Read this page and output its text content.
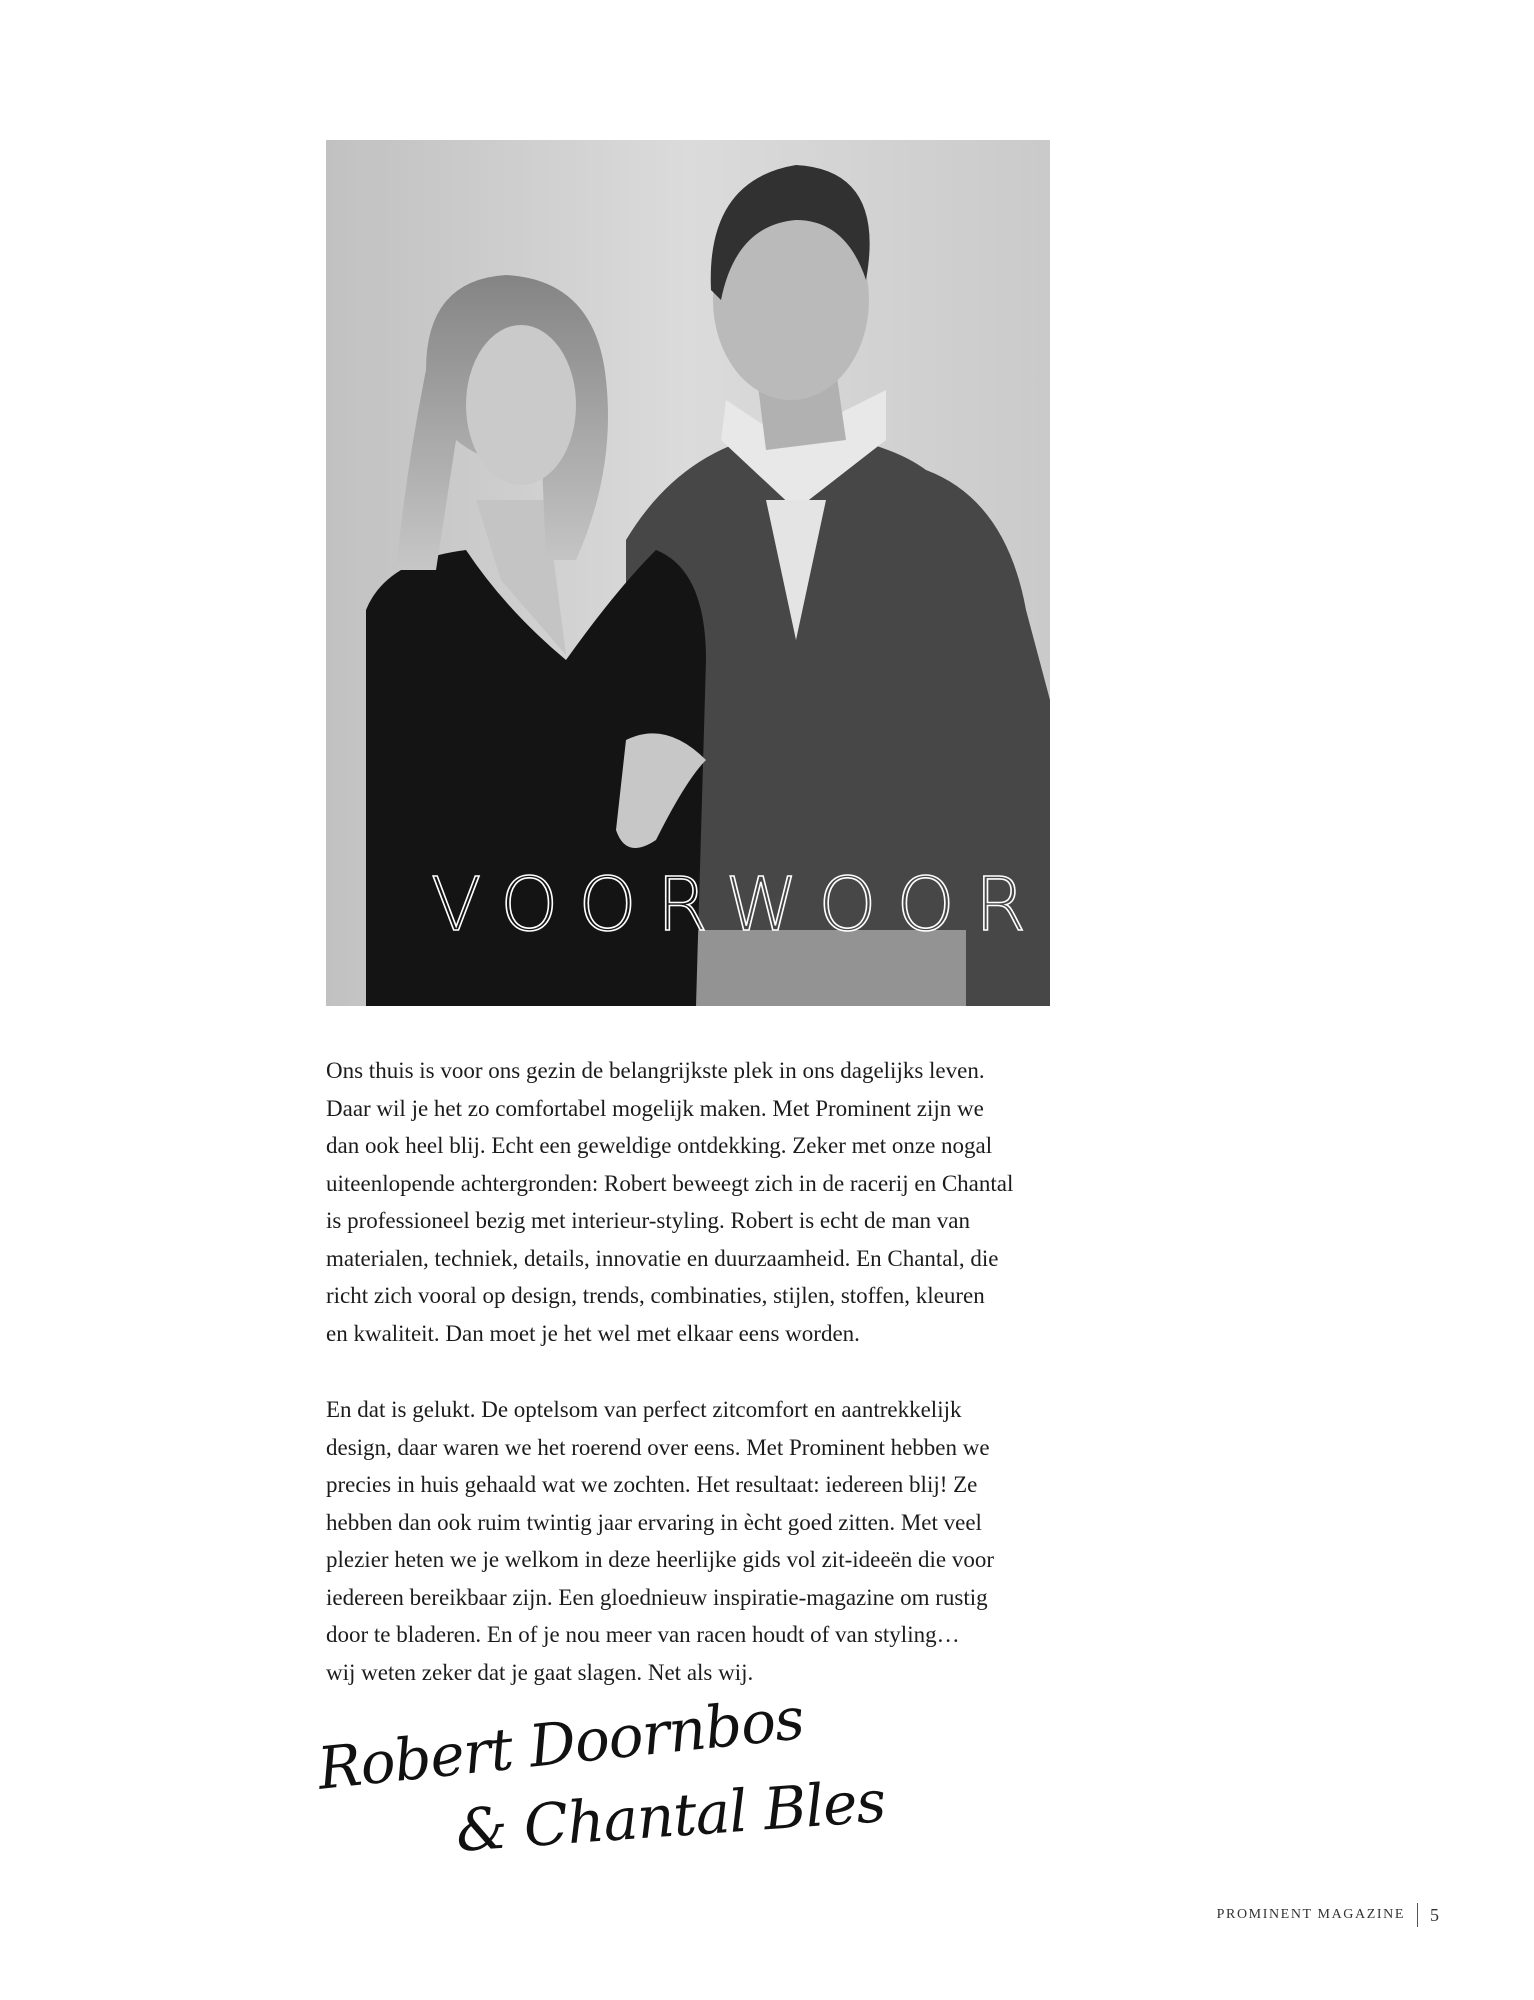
VOORWOORD
Ons thuis is voor ons gezin de belangrijkste plek in ons dagelijks leven.
Daar wil je het zo comfortabel mogelijk maken. Met Prominent zijn we
dan ook heel blij. Echt een geweldige ontdekking. Zeker met onze nogal
uiteenlopende achtergronden: Robert beweegt zich in de racerij en Chantal
is professioneel bezig met interieur-styling. Robert is echt de man van
materialen, techniek, details, innovatie en duurzaamheid. En Chantal, die
richt zich vooral op design, trends, combinaties, stijlen, stoffen, kleuren
en kwaliteit. Dan moet je het wel met elkaar eens worden.
En dat is gelukt. De optelsom van perfect zitcomfort en aantrekkelijk
design, daar waren we het roerend over eens. Met Prominent hebben we
precies in huis gehaald wat we zochten. Het resultaat: iedereen blij! Ze
hebben dan ook ruim twintig jaar ervaring in ècht goed zitten. Met veel
plezier heten we je welkom in deze heerlijke gids vol zit-ideeën die voor
iedereen bereikbaar zijn. Een gloednieuw inspiratie-magazine om rustig
door te bladeren. En of je nou meer van racen houdt of van styling…
wij weten zeker dat je gaat slagen. Net als wij.
Robert Doornbos
& Chantal Bles
PROMINENT MAGAZINE 5
